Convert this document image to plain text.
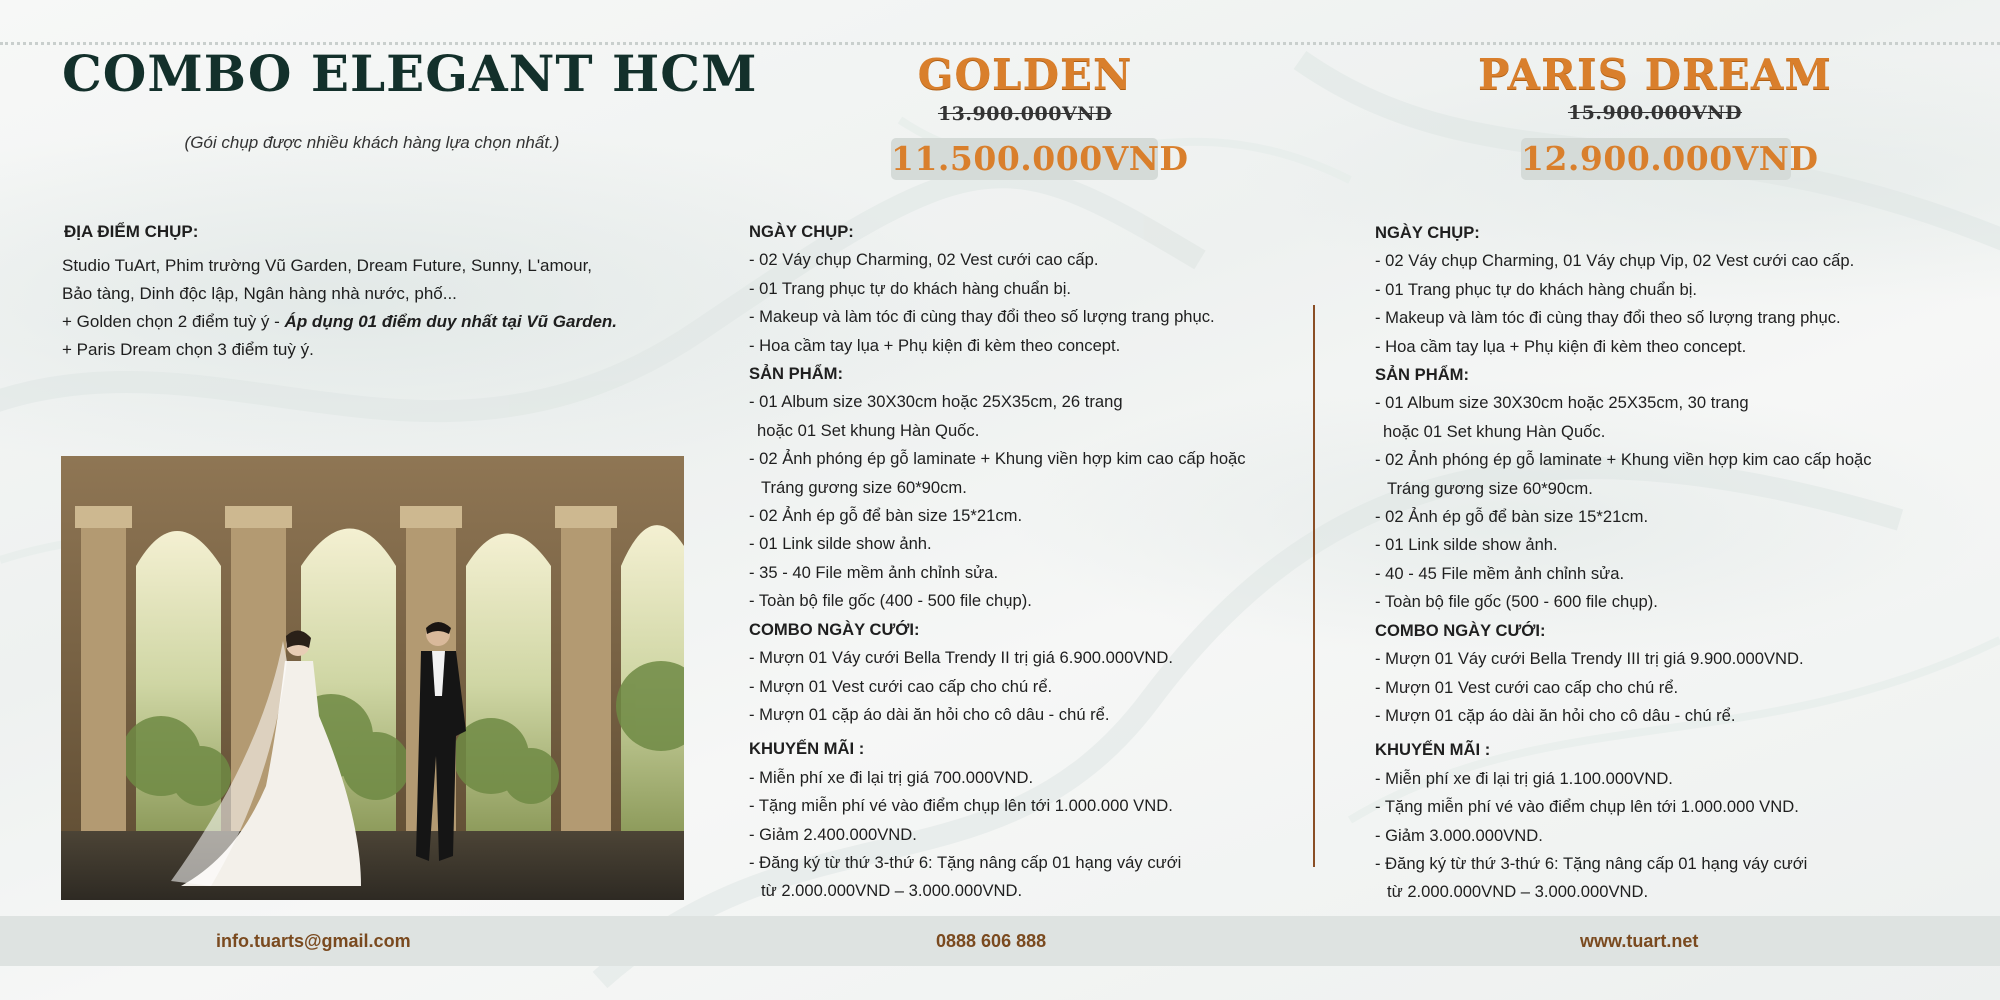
COMBO ELEGANT HCM
(Gói chụp được nhiều khách hàng lựa chọn nhất.)
ĐỊA ĐIỂM CHỤP:
Studio TuArt, Phim trường Vũ Garden, Dream Future, Sunny, L'amour,
Bảo tàng, Dinh độc lập, Ngân hàng nhà nước, phố...
+ Golden chọn 2 điểm tuỳ ý - Áp dụng 01 điểm duy nhất tại Vũ Garden.
+ Paris Dream chọn 3 điểm tuỳ ý.
GOLDEN
13.900.000VND
11.500.000VND
PARIS DREAM
15.900.000VND
12.900.000VND
NGÀY CHỤP:
- 02 Váy chụp Charming, 02 Vest cưới cao cấp.
- 01 Trang phục tự do khách hàng chuẩn bị.
- Makeup và làm tóc đi cùng thay đổi theo số lượng trang phục.
- Hoa cầm tay lụa + Phụ kiện đi kèm theo concept.
SẢN PHẨM:
- 01 Album size 30X30cm hoặc 25X35cm, 26 trang
hoặc 01 Set khung Hàn Quốc.
- 02 Ảnh phóng ép gỗ laminate + Khung viền hợp kim cao cấp hoặc
Tráng gương size 60*90cm.
- 02 Ảnh ép gỗ để bàn size 15*21cm.
- 01 Link silde show ảnh.
- 35 - 40 File mềm ảnh chỉnh sửa.
- Toàn bộ file gốc (400 - 500 file chụp).
COMBO NGÀY CƯỚI:
- Mượn 01 Váy cưới Bella Trendy II trị giá 6.900.000VND.
- Mượn 01 Vest cưới cao cấp cho chú rể.
- Mượn 01 cặp áo dài ăn hỏi cho cô dâu - chú rể.
KHUYẾN MÃI :
- Miễn phí xe đi lại trị giá 700.000VND.
- Tặng miễn phí vé vào điểm chụp lên tới 1.000.000 VND.
- Giảm 2.400.000VND.
- Đăng ký từ thứ 3-thứ 6: Tặng nâng cấp 01 hạng váy cưới
từ 2.000.000VND – 3.000.000VND.
NGÀY CHỤP:
- 02 Váy chụp Charming, 01 Váy chụp Vip, 02 Vest cưới cao cấp.
- 01 Trang phục tự do khách hàng chuẩn bị.
- Makeup và làm tóc đi cùng thay đổi theo số lượng trang phục.
- Hoa cầm tay lụa + Phụ kiện đi kèm theo concept.
SẢN PHẨM:
- 01 Album size 30X30cm hoặc 25X35cm, 30 trang
hoặc 01 Set khung Hàn Quốc.
- 02 Ảnh phóng ép gỗ laminate + Khung viền hợp kim cao cấp hoặc
Tráng gương size 60*90cm.
- 02 Ảnh ép gỗ để bàn size 15*21cm.
- 01 Link silde show ảnh.
- 40 - 45 File mềm ảnh chỉnh sửa.
- Toàn bộ file gốc (500 - 600 file chụp).
COMBO NGÀY CƯỚI:
- Mượn 01 Váy cưới Bella Trendy III trị giá 9.900.000VND.
- Mượn 01 Vest cưới cao cấp cho chú rể.
- Mượn 01 cặp áo dài ăn hỏi cho cô dâu - chú rể.
KHUYẾN MÃI :
- Miễn phí xe đi lại trị giá 1.100.000VND.
- Tặng miễn phí vé vào điểm chụp lên tới 1.000.000 VND.
- Giảm 3.000.000VND.
- Đăng ký từ thứ 3-thứ 6: Tặng nâng cấp 01 hạng váy cưới
từ 2.000.000VND – 3.000.000VND.
info.tuarts@gmail.com	0888 606 888	www.tuart.net
